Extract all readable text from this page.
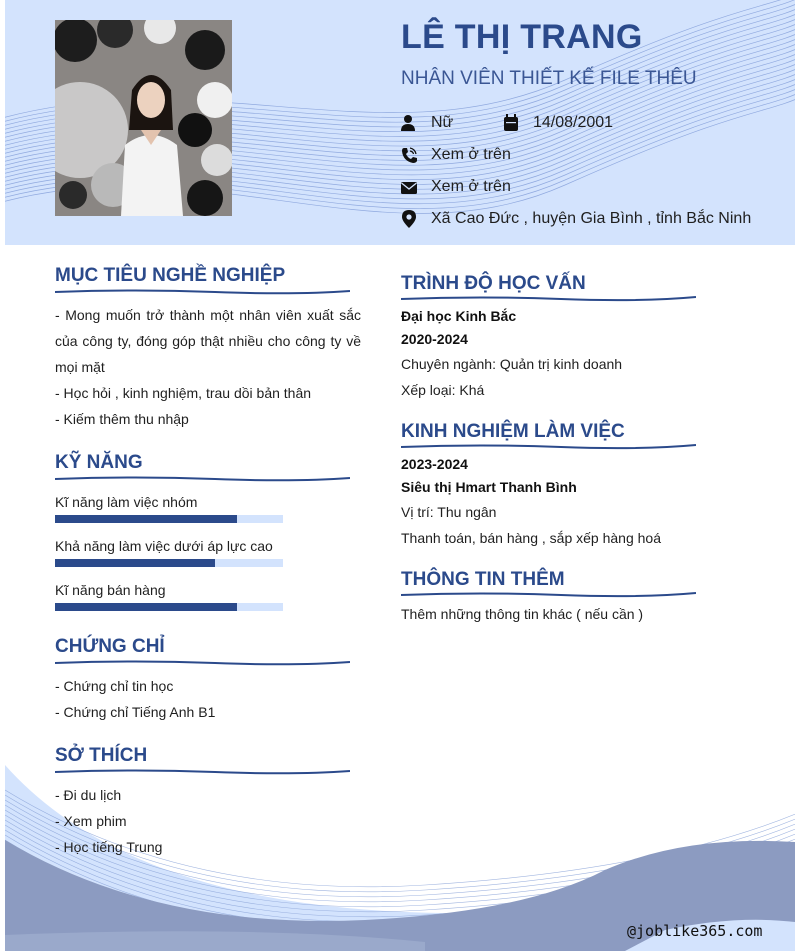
LÊ THỊ TRANG
NHÂN VIÊN THIẾT KẾ FILE THÊU
Nữ	14/08/2001
Xem ở trên
Xem ở trên
Xã Cao Đức , huyện Gia Bình , tỉnh Bắc Ninh
MỤC TIÊU NGHỀ NGHIỆP
- Mong muốn trở thành một nhân viên xuất sắc của công ty, đóng góp thật nhiều cho công ty về mọi mặt
- Học hỏi , kinh nghiệm, trau dồi bản thân
- Kiếm thêm thu nhập
KỸ NĂNG
Kĩ năng làm việc nhóm
Khả năng làm việc dưới áp lực cao
Kĩ năng bán hàng
CHỨNG CHỈ
- Chứng chỉ tin học
- Chứng chỉ Tiếng Anh B1
SỞ THÍCH
- Đi du lịch
- Xem phim
- Học tiếng Trung
TRÌNH ĐỘ HỌC VẤN
Đại học Kinh Bắc
2020-2024
Chuyên ngành: Quản trị kinh doanh
Xếp loại: Khá
KINH NGHIỆM LÀM VIỆC
2023-2024
Siêu thị Hmart Thanh Bình
Vị trí: Thu ngân
Thanh toán, bán hàng , sắp xếp hàng hoá
THÔNG TIN THÊM
Thêm những thông tin khác ( nếu cần )
@joblike365.com
